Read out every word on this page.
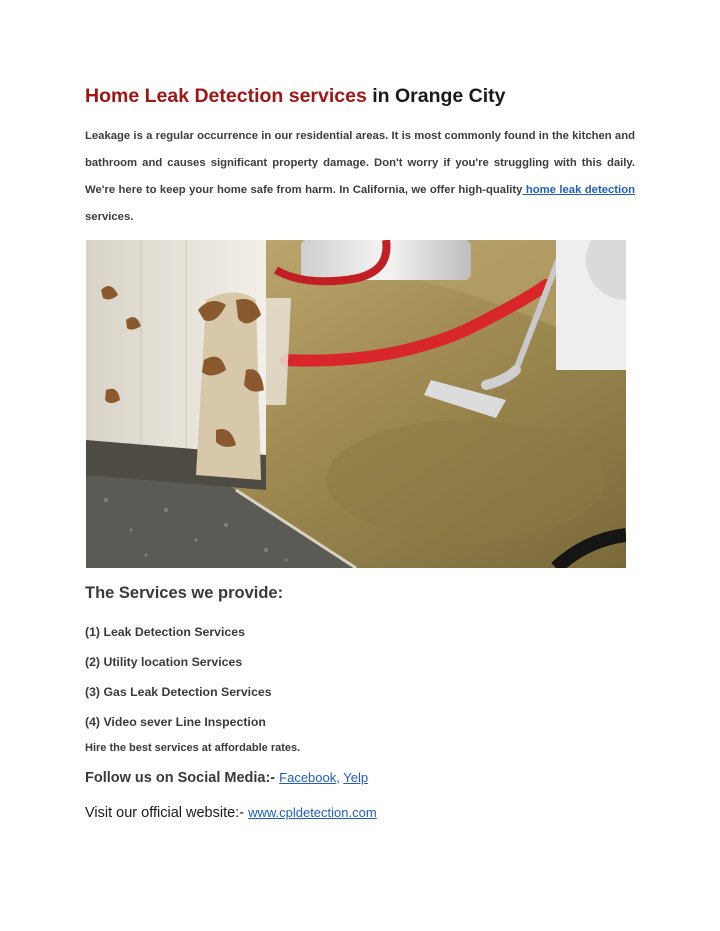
Home Leak Detection services in Orange City

Leakage is a regular occurrence in our residential areas. It is most commonly found in the kitchen and bathroom and causes significant property damage. Don't worry if you're struggling with this daily. We're here to keep your home safe from harm. In California, we offer high-quality home leak detection services.

The Services we provide:
(1) Leak Detection Services
(2) Utility location Services
(3) Gas Leak Detection Services
(4) Video sever Line Inspection
Hire the best services at affordable rates.
Follow us on Social Media:- Facebook, Yelp
Visit our official website:- www.cpldetection.com
